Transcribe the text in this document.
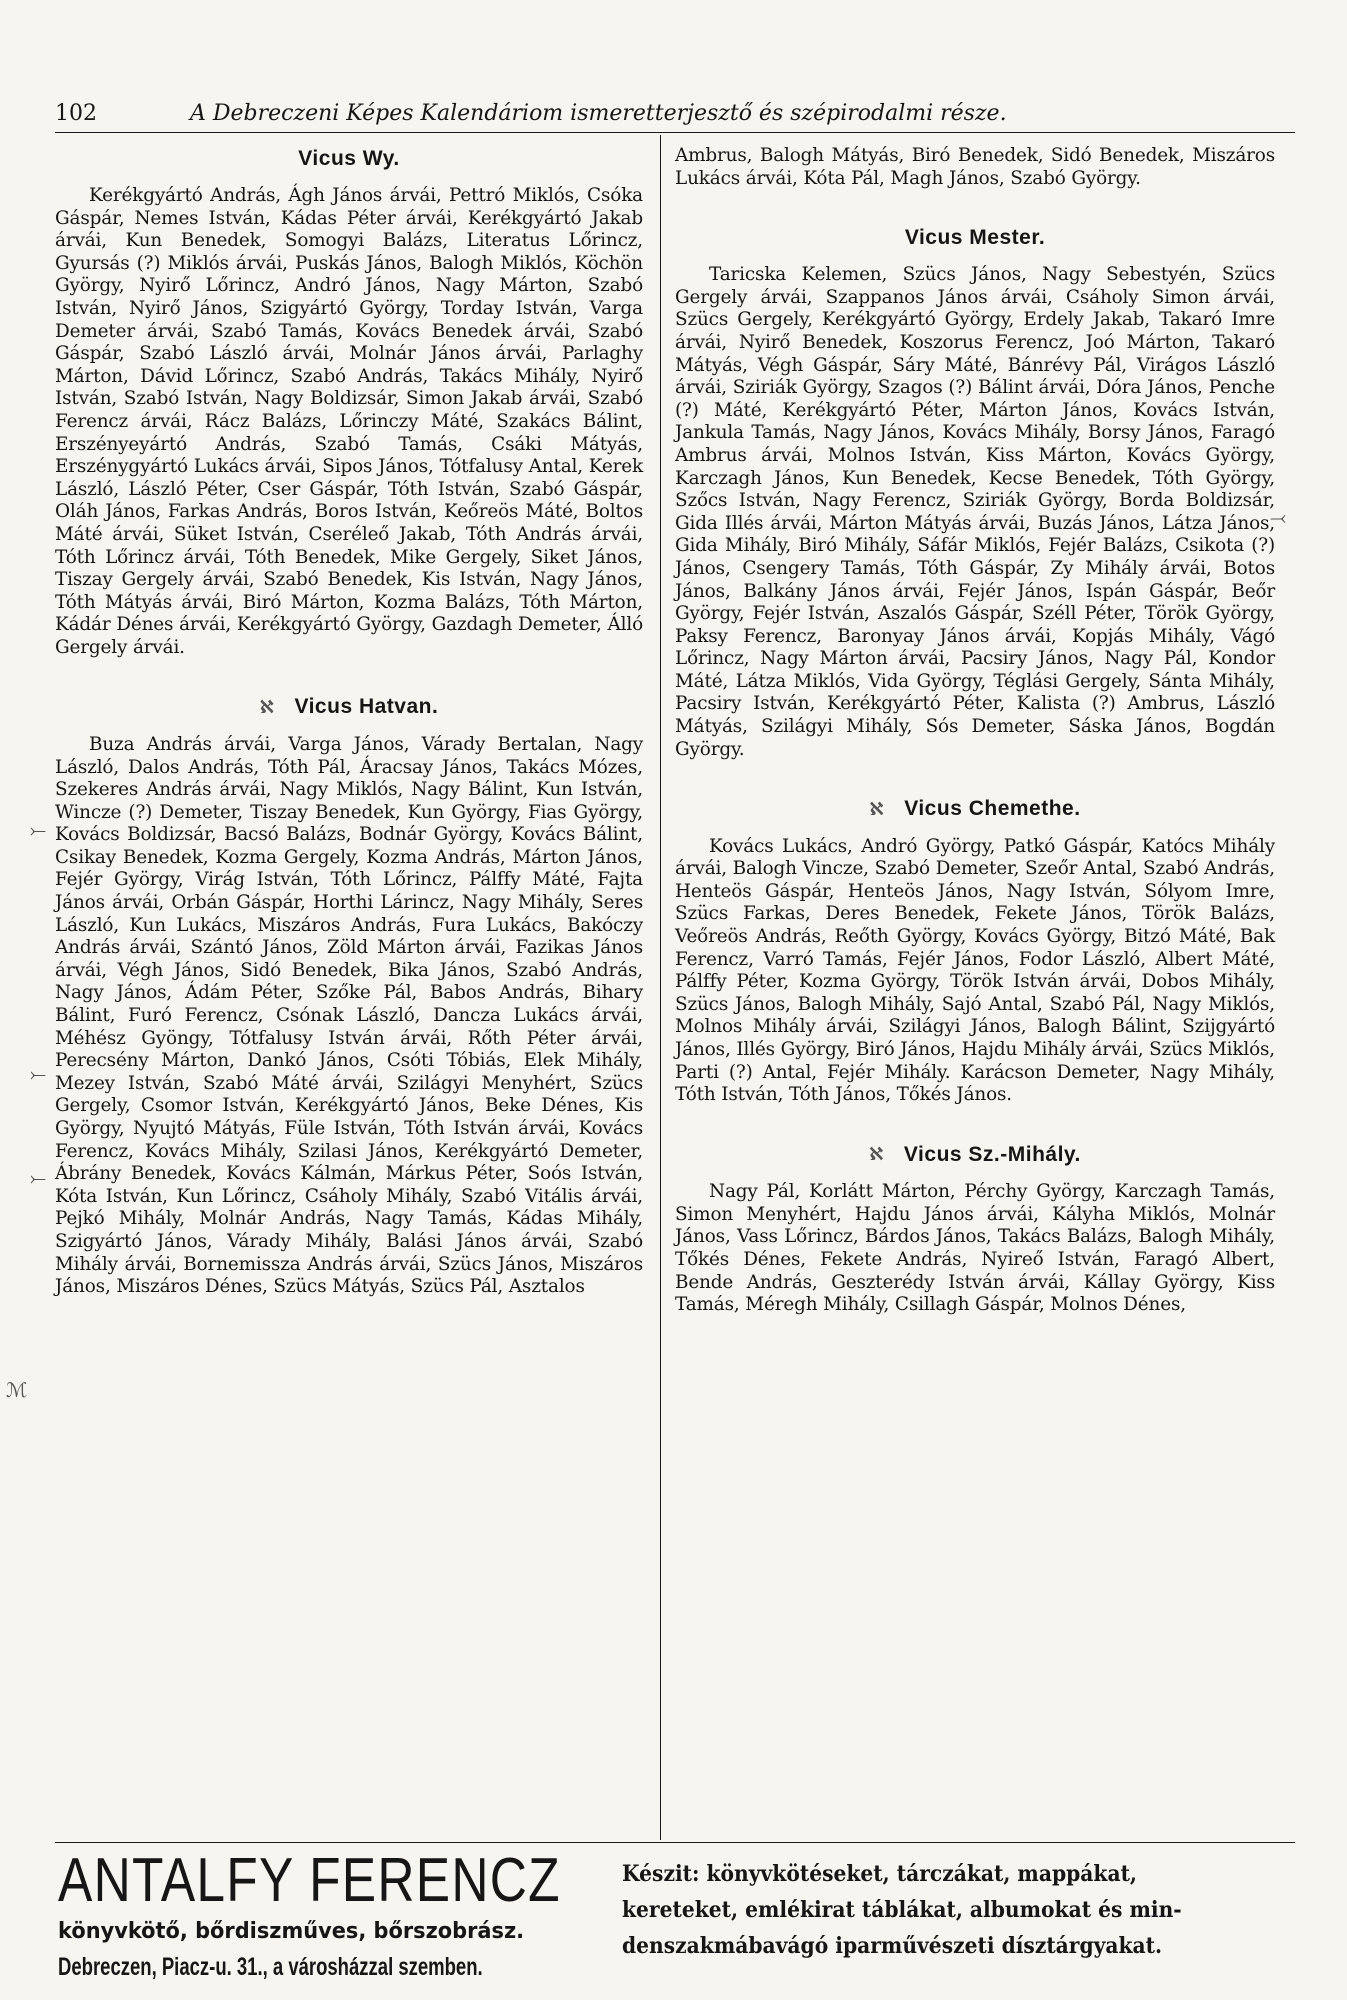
102	A Debreczeni Képes Kalendáriom ismeretterjesztő és szépirodalmi része.
Vicus Wy.

Kerékgyártó András, Ágh János árvái, Pettró Miklós, Csóka Gáspár, Nemes István, Kádas Péter árvái, Kerékgyártó Jakab árvái, Kun Benedek, Somogyi Balázs, Literatus Lőrincz, Gyursás (?) Miklós árvái, Puskás János, Balogh Miklós, Köchön György, Nyirő Lőrincz, Andró János, Nagy Márton, Szabó István, Nyirő János, Szigyártó György, Torday István, Varga Demeter árvái, Szabó Tamás, Kovács Benedek árvái, Szabó Gáspár, Szabó László árvái, Molnár János árvái, Parlaghy Márton, Dávid Lőrincz, Szabó András, Takács Mihály, Nyirő István, Szabó István, Nagy Boldizsár, Simon Jakab árvái, Szabó Ferencz árvái, Rácz Balázs, Lőrinczy Máté, Szakács Bálint, Erszényeyártó András, Szabó Tamás, Csáki Mátyás, Erszénygyártó Lukács árvái, Sipos János, Tótfalusy Antal, Kerek László, László Péter, Cser Gáspár, Tóth István, Szabó Gáspár, Oláh János, Farkas András, Boros István, Keőreös Máté, Boltos Máté árvái, Süket István, Cseréleő Jakab, Tóth András árvái, Tóth Lőrincz árvái, Tóth Benedek, Mike Gergely, Siket János, Tiszay Gergely árvái, Szabó Benedek, Kis István, Nagy János, Tóth Mátyás árvái, Biró Márton, Kozma Balázs, Tóth Márton, Kádár Dénes árvái, Kerékgyártó György, Gazdagh Demeter, Álló Gergely árvái.

ℵ Vicus Hatvan.

Buza András árvái, Varga János, Várady Bertalan, Nagy László, Dalos András, Tóth Pál, Áracsay János, Takács Mózes, Szekeres András árvái, Nagy Miklós, Nagy Bálint, Kun István, Wincze (?) Demeter, Tiszay Benedek, Kun György, Fias György, Kovács Boldizsár, Bacsó Balázs, Bodnár György, Kovács Bálint, Csikay Benedek, Kozma Gergely, Kozma András, Márton János, Fejér György, Virág István, Tóth Lőrincz, Pálffy Máté, Fajta János árvái, Orbán Gáspár, Horthi Lárincz, Nagy Mihály, Seres László, Kun Lukács, Miszáros András, Fura Lukács, Bakóczy András árvái, Szántó János, Zöld Márton árvái, Fazikas János árvái, Végh János, Sidó Benedek, Bika János, Szabó András, Nagy János, Ádám Péter, Szőke Pál, Babos András, Bihary Bálint, Furó Ferencz, Csónak László, Dancza Lukács árvái, Méhész Gyöngy, Tótfalusy István árvái, Rőth Péter árvái, Perecsény Márton, Dankó János, Csóti Tóbiás, Elek Mihály, Mezey István, Szabó Máté árvái, Szilágyi Menyhért, Szücs Gergely, Csomor István, Kerékgyártó János, Beke Dénes, Kis György, Nyujtó Mátyás, Füle István, Tóth István árvái, Kovács Ferencz, Kovács Mihály, Szilasi János, Kerékgyártó Demeter, Ábrány Benedek, Kovács Kálmán, Márkus Péter, Soós István, Kóta István, Kun Lőrincz, Csáholy Mihály, Szabó Vitális árvái, Pejkó Mihály, Molnár András, Nagy Tamás, Kádas Mihály, Szigyártó János, Várady Mihály, Balási János árvái, Szabó Mihály árvái, Bornemissza András árvái, Szücs János, Miszáros János, Miszáros Dénes, Szücs Mátyás, Szücs Pál, Asztalos

Ambrus, Balogh Mátyás, Biró Benedek, Sidó Benedek, Miszáros Lukács árvái, Kóta Pál, Magh János, Szabó György.

Vicus Mester.

Taricska Kelemen, Szücs János, Nagy Sebestyén, Szücs Gergely árvái, Szappanos János árvái, Csáholy Simon árvái, Szücs Gergely, Kerékgyártó György, Erdely Jakab, Takaró Imre árvái, Nyirő Benedek, Koszorus Ferencz, Joó Márton, Takaró Mátyás, Végh Gáspár, Sáry Máté, Bánrévy Pál, Virágos László árvái, Sziriák György, Szagos (?) Bálint árvái, Dóra János, Penche (?) Máté, Kerékgyártó Péter, Márton János, Kovács István, Jankula Tamás, Nagy János, Kovács Mihály, Borsy János, Faragó Ambrus árvái, Molnos István, Kiss Márton, Kovács György, Karczagh János, Kun Benedek, Kecse Benedek, Tóth György, Szőcs István, Nagy Ferencz, Sziriák György, Borda Boldizsár, Gida Illés árvái, Márton Mátyás árvái, Buzás János, Látza János, Gida Mihály, Biró Mihály, Sáfár Miklós, Fejér Balázs, Csikota (?) János, Csengery Tamás, Tóth Gáspár, Zy Mihály árvái, Botos János, Balkány János árvái, Fejér János, Ispán Gáspár, Beőr György, Fejér István, Aszalós Gáspár, Széll Péter, Török György, Paksy Ferencz, Baronyay János árvái, Kopjás Mihály, Vágó Lőrincz, Nagy Márton árvái, Pacsiry János, Nagy Pál, Kondor Máté, Látza Miklós, Vida György, Téglási Gergely, Sánta Mihály, Pacsiry István, Kerékgyártó Péter, Kalista (?) Ambrus, László Mátyás, Szilágyi Mihály, Sós Demeter, Sáska János, Bogdán György.

ℵ Vicus Chemethe.

Kovács Lukács, Andró György, Patkó Gáspár, Katócs Mihály árvái, Balogh Vincze, Szabó Demeter, Szeőr Antal, Szabó András, Henteös Gáspár, Henteös János, Nagy István, Sólyom Imre, Szücs Farkas, Deres Benedek, Fekete János, Török Balázs, Veőreös András, Reőth György, Kovács György, Bitzó Máté, Bak Ferencz, Varró Tamás, Fejér János, Fodor László, Albert Máté, Pálffy Péter, Kozma György, Török István árvái, Dobos Mihály, Szücs János, Balogh Mihály, Sajó Antal, Szabó Pál, Nagy Miklós, Molnos Mihály árvái, Szilágyi János, Balogh Bálint, Szijgyártó János, Illés György, Biró János, Hajdu Mihály árvái, Szücs Miklós, Parti (?) Antal, Fejér Mihály. Karácson Demeter, Nagy Mihály, Tóth István, Tóth János, Tőkés János.

ℵ Vicus Sz.-Mihály.

Nagy Pál, Korlátt Márton, Pérchy György, Karczagh Tamás, Simon Menyhért, Hajdu János árvái, Kályha Miklós, Molnár János, Vass Lőrincz, Bárdos János, Takács Balázs, Balogh Mihály, Tőkés Dénes, Fekete András, Nyireő István, Faragó Albert, Bende András, Geszterédy István árvái, Kállay György, Kiss Tamás, Méregh Mihály, Csillagh Gáspár, Molnos Dénes,

⤚
⤚
⤚
ℳ
⤙
ANTALFY FERENCZ
könyvkötő, bőrdiszműves, bőrszobrász.
Debreczen, Piacz-u. 31., a városházzal szemben.
Készit: könyvkötéseket, tárczákat, mappákat,
kereteket, emlékirat táblákat, albumokat és min-
denszakmábavágó iparművészeti dísztárgyakat.
